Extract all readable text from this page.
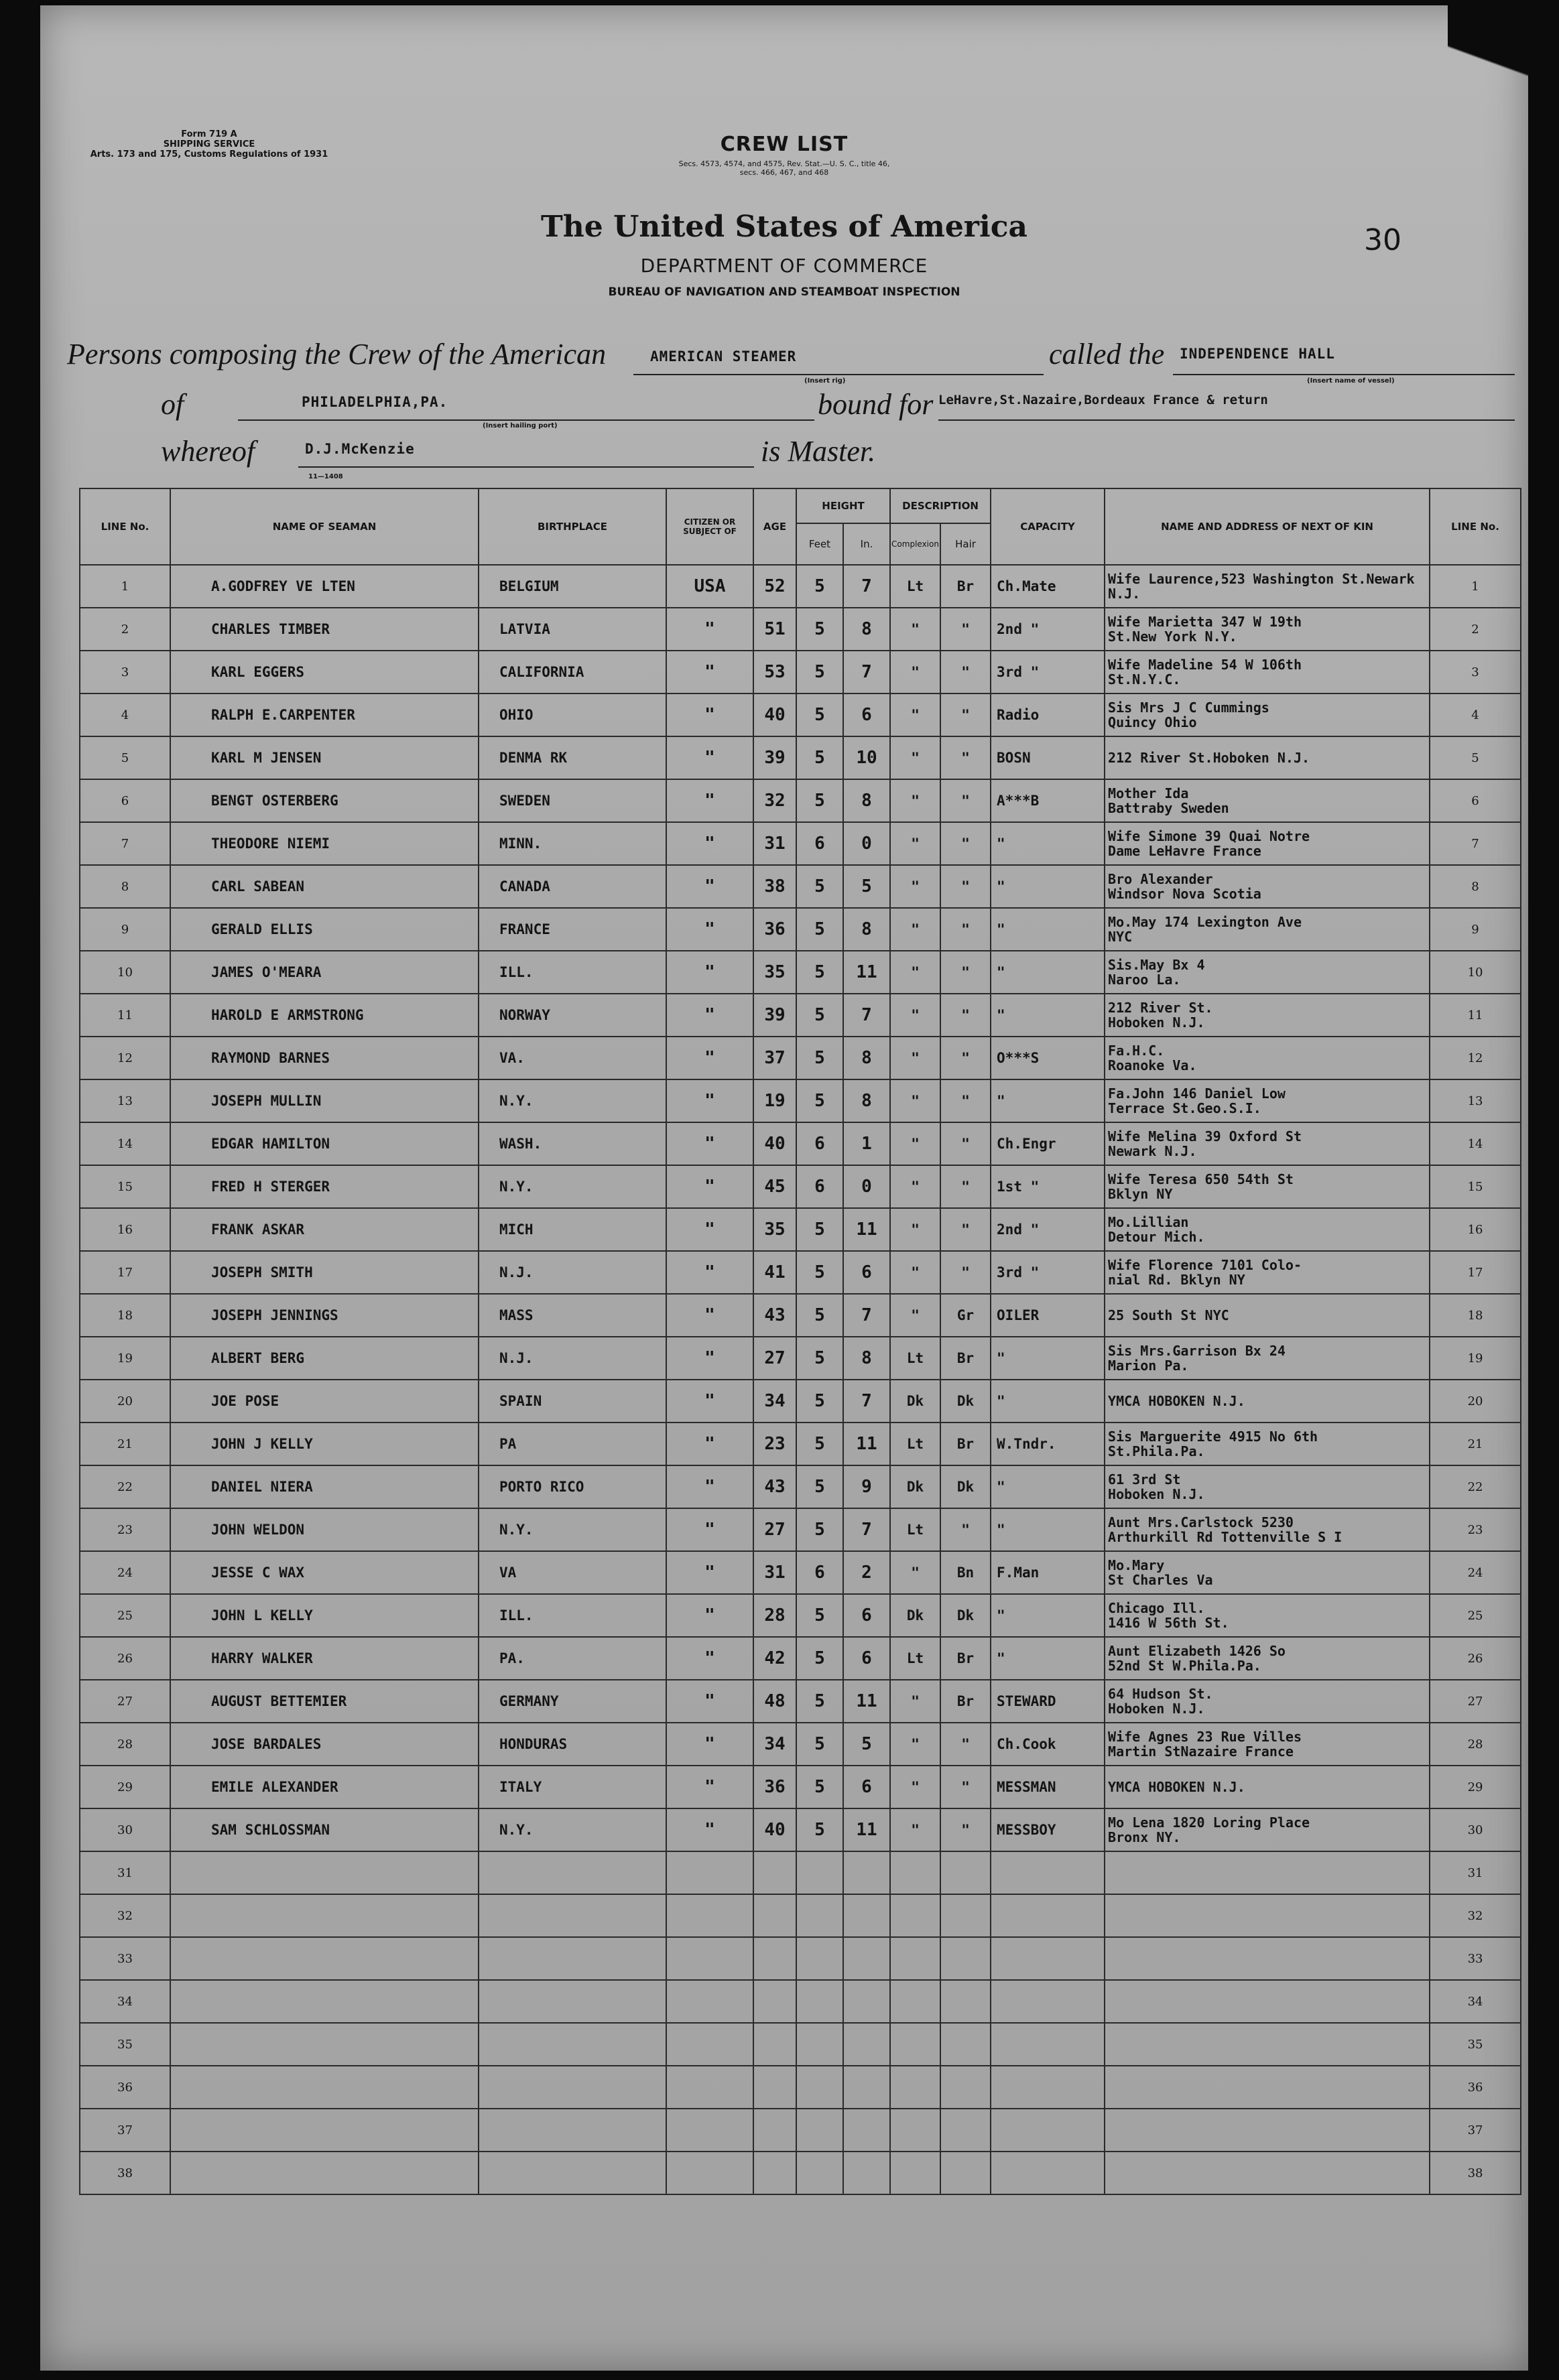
Form 719 A
SHIPPING SERVICE
Arts. 173 and 175, Customs Regulations of 1931	CREW LIST
Secs. 4573, 4574, and 4575, Rev. Stat.—U. S. C., title 46,
secs. 466, 467, and 468
The United States of America
DEPARTMENT OF COMMERCE
BUREAU OF NAVIGATION AND STEAMBOAT INSPECTION
30
Persons composing the Crew of the American	AMERICAN STEAMER
(Insert rig)
called the INDEPENDENCE HALL
(Insert name of vessel)
of	PHILADELPHIA,PA.
(Insert hailing port)
bound for LeHavre,St.Nazaire,Bordeaux France & return
whereof	D.J.McKenzie	is Master.
11—1408
LINE No.	NAME OF SEAMAN	BIRTHPLACE	CITIZEN OR SUBJECT OF	AGE	HEIGHT		DESCRIPTION		CAPACITY	NAME AND ADDRESS OF NEXT OF KIN	LINE No.
					Feet	In.	Complexion	Hair			
1	A.GODFREY VE LTEN	BELGIUM	USA	52	5	7	Lt	Br	Ch.Mate	Wife Laurence,523 Washington St.Newark N.J.	1
2	CHARLES TIMBER	LATVIA	"	51	5	8	"	"	2nd "	Wife Marietta 347 W 19th
St.New York N.Y.	2
3	KARL EGGERS	CALIFORNIA	"	53	5	7	"	"	3rd "	Wife Madeline 54 W 106th
St.N.Y.C.	3
4	RALPH E.CARPENTER	OHIO	"	40	5	6	"	"	Radio	Sis Mrs J C Cummings
Quincy Ohio	4
5	KARL M JENSEN	DENMA RK	"	39	5	10	"	"	BOSN	212 River St.Hoboken N.J.	5
6	BENGT OSTERBERG	SWEDEN	"	32	5	8	"	"	A***B	Mother Ida
Battraby Sweden	6
7	THEODORE NIEMI	MINN.	"	31	6	0	"	"	"	Wife Simone 39 Quai Notre
Dame LeHavre France	7
8	CARL SABEAN	CANADA	"	38	5	5	"	"	"	Bro Alexander
Windsor Nova Scotia	8
9	GERALD ELLIS	FRANCE	"	36	5	8	"	"	"	Mo.May 174 Lexington Ave
NYC	9
10	JAMES O'MEARA	ILL.	"	35	5	11	"	"	"	Sis.May Bx 4
Naroo La.	10
11	HAROLD E ARMSTRONG	NORWAY	"	39	5	7	"	"	"	212 River St.
Hoboken N.J.	11
12	RAYMOND BARNES	VA.	"	37	5	8	"	"	O***S	Fa.H.C.
Roanoke Va.	12
13	JOSEPH MULLIN	N.Y.	"	19	5	8	"	"	"	Fa.John 146 Daniel Low
Terrace St.Geo.S.I.	13
14	EDGAR HAMILTON	WASH.	"	40	6	1	"	"	Ch.Engr	Wife Melina 39 Oxford St
Newark N.J.	14
15	FRED H STERGER	N.Y.	"	45	6	0	"	"	1st "	Wife Teresa 650 54th St
Bklyn NY	15
16	FRANK ASKAR	MICH	"	35	5	11	"	"	2nd "	Mo.Lillian
Detour Mich.	16
17	JOSEPH SMITH	N.J.	"	41	5	6	"	"	3rd "	Wife Florence 7101 Colo-
nial Rd. Bklyn NY	17
18	JOSEPH JENNINGS	MASS	"	43	5	7	"	Gr	OILER	25 South St NYC	18
19	ALBERT BERG	N.J.	"	27	5	8	Lt	Br	"	Sis Mrs.Garrison Bx 24
Marion Pa.	19
20	JOE POSE	SPAIN	"	34	5	7	Dk	Dk	"	YMCA HOBOKEN N.J.	20
21	JOHN J KELLY	PA	"	23	5	11	Lt	Br	W.Tndr.	Sis Marguerite 4915 No 6th
St.Phila.Pa.	21
22	DANIEL NIERA	PORTO RICO	"	43	5	9	Dk	Dk	"	61 3rd St
Hoboken N.J.	22
23	JOHN WELDON	N.Y.	"	27	5	7	Lt	"	"	Aunt Mrs.Carlstock 5230
Arthurkill Rd Tottenville S I	23
24	JESSE C WAX	VA	"	31	6	2	"	Bn	F.Man	Mo.Mary
St Charles Va	24
25	JOHN L KELLY	ILL.	"	28	5	6	Dk	Dk	"	Chicago Ill.
1416 W 56th St.	25
26	HARRY WALKER	PA.	"	42	5	6	Lt	Br	"	Aunt Elizabeth 1426 So
52nd St W.Phila.Pa.	26
27	AUGUST BETTEMIER	GERMANY	"	48	5	11	"	Br	STEWARD	64 Hudson St.
Hoboken N.J.	27
28	JOSE BARDALES	HONDURAS	"	34	5	5	"	"	Ch.Cook	Wife Agnes 23 Rue Villes
Martin StNazaire France	28
29	EMILE ALEXANDER	ITALY	"	36	5	6	"	"	MESSMAN	YMCA HOBOKEN N.J.	29
30	SAM SCHLOSSMAN	N.Y.	"	40	5	11	"	"	MESSBOY	Mo Lena 1820 Loring Place
Bronx NY.	30
31											31
32											32
33											33
34											34
35											35
36											36
37											37
38											38
